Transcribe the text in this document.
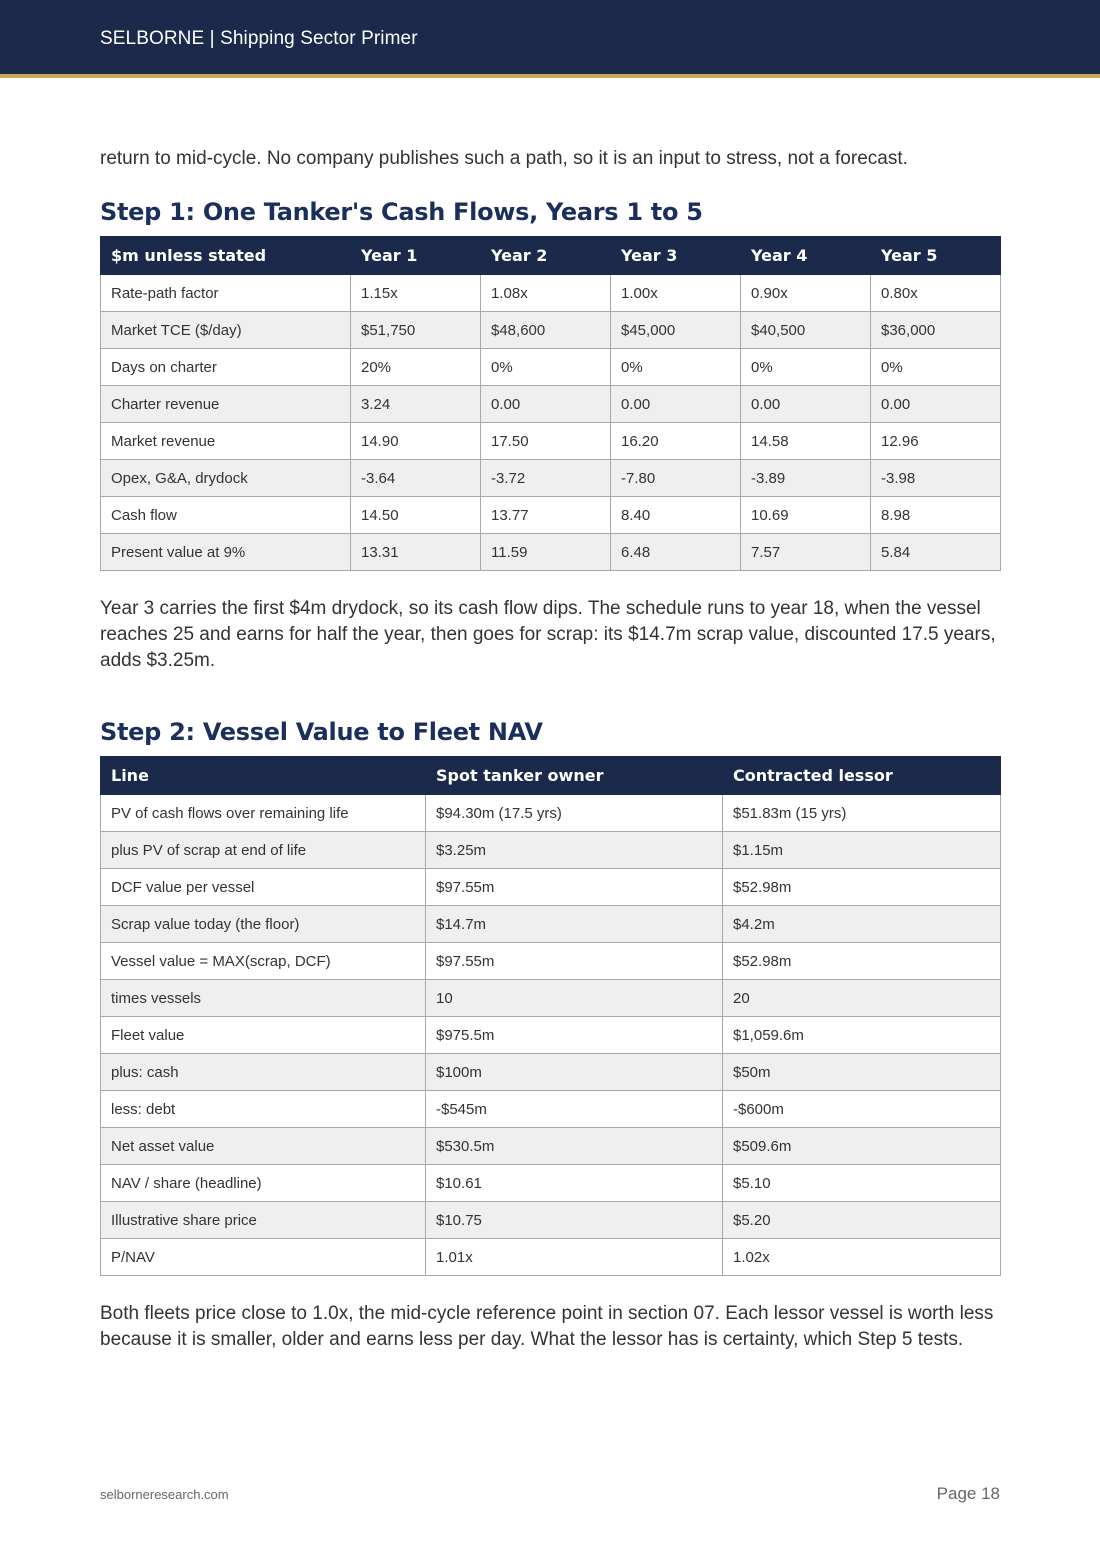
SELBORNE | Shipping Sector Primer

return to mid-cycle. No company publishes such a path, so it is an input to stress, not a forecast.

Step 1: One Tanker's Cash Flows, Years 1 to 5
$m unless stated	Year 1	Year 2	Year 3	Year 4	Year 5
Rate-path factor	1.15x	1.08x	1.00x	0.90x	0.80x
Market TCE ($/day)	$51,750	$48,600	$45,000	$40,500	$36,000
Days on charter	20%	0%	0%	0%	0%
Charter revenue	3.24	0.00	0.00	0.00	0.00
Market revenue	14.90	17.50	16.20	14.58	12.96
Opex, G&A, drydock	-3.64	-3.72	-7.80	-3.89	-3.98
Cash flow	14.50	13.77	8.40	10.69	8.98
Present value at 9%	13.31	11.59	6.48	7.57	5.84

Year 3 carries the first $4m drydock, so its cash flow dips. The schedule runs to year 18, when the vessel reaches 25 and earns for half the year, then goes for scrap: its $14.7m scrap value, discounted 17.5 years, adds $3.25m.

Step 2: Vessel Value to Fleet NAV
Line	Spot tanker owner	Contracted lessor
PV of cash flows over remaining life	$94.30m (17.5 yrs)	$51.83m (15 yrs)
plus PV of scrap at end of life	$3.25m	$1.15m
DCF value per vessel	$97.55m	$52.98m
Scrap value today (the floor)	$14.7m	$4.2m
Vessel value = MAX(scrap, DCF)	$97.55m	$52.98m
times vessels	10	20
Fleet value	$975.5m	$1,059.6m
plus: cash	$100m	$50m
less: debt	-$545m	-$600m
Net asset value	$530.5m	$509.6m
NAV / share (headline)	$10.61	$5.10
Illustrative share price	$10.75	$5.20
P/NAV	1.01x	1.02x

Both fleets price close to 1.0x, the mid-cycle reference point in section 07. Each lessor vessel is worth less because it is smaller, older and earns less per day. What the lessor has is certainty, which Step 5 tests.

selborneresearch.com	Page 18
